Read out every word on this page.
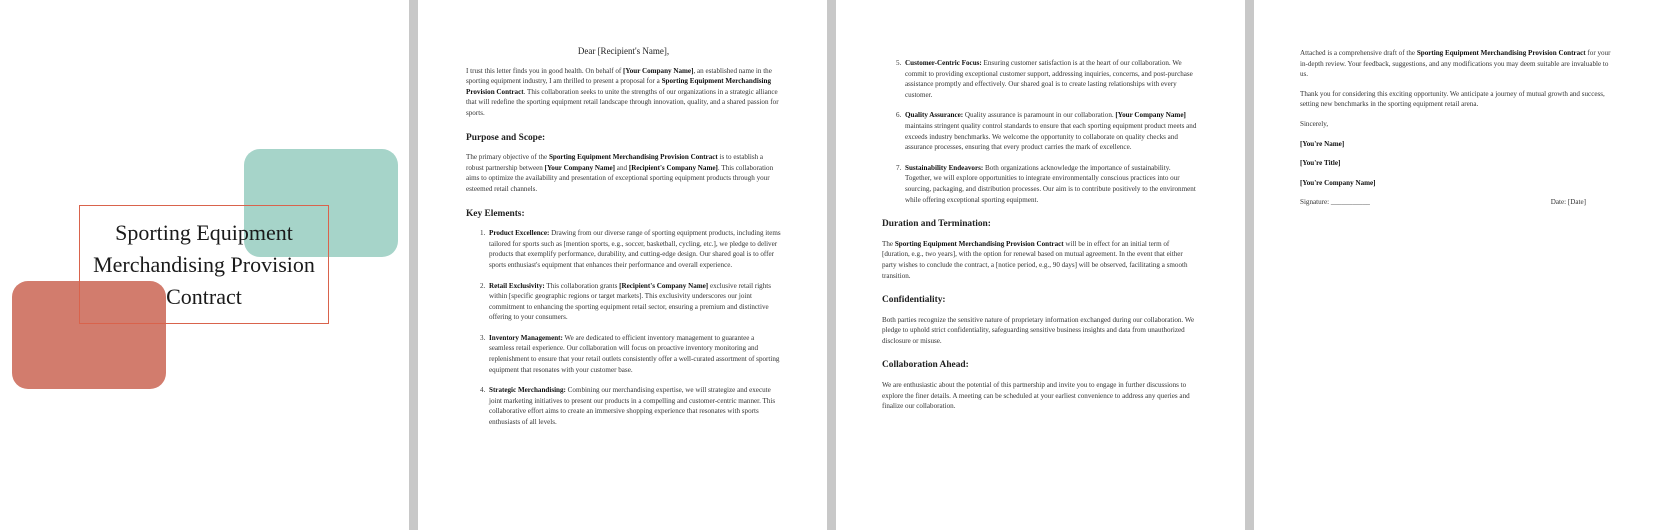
Sporting Equipment Merchandising Provision Contract

Dear [Recipient's Name],

I trust this letter finds you in good health. On behalf of [Your Company Name], an established name in the sporting equipment industry, I am thrilled to present a proposal for a Sporting Equipment Merchandising Provision Contract. This collaboration seeks to unite the strengths of our organizations in a strategic alliance that will redefine the sporting equipment retail landscape through innovation, quality, and a shared passion for sports.

Purpose and Scope:

The primary objective of the Sporting Equipment Merchandising Provision Contract is to establish a robust partnership between [Your Company Name] and [Recipient's Company Name]. This collaboration aims to optimize the availability and presentation of exceptional sporting equipment products through your esteemed retail channels.

Key Elements:
1. Product Excellence: Drawing from our diverse range of sporting equipment products, including items tailored for sports such as [mention sports, e.g., soccer, basketball, cycling, etc.], we pledge to deliver products that exemplify performance, durability, and cutting-edge design. Our shared goal is to offer sports enthusiast's equipment that enhances their performance and overall experience.
2. Retail Exclusivity: This collaboration grants [Recipient's Company Name] exclusive retail rights within [specific geographic regions or target markets]. This exclusivity underscores our joint commitment to enhancing the sporting equipment retail sector, ensuring a premium and distinctive offering to your consumers.
3. Inventory Management: We are dedicated to efficient inventory management to guarantee a seamless retail experience. Our collaboration will focus on proactive inventory monitoring and replenishment to ensure that your retail outlets consistently offer a well-curated assortment of sporting equipment that resonates with your customer base.
4. Strategic Merchandising: Combining our merchandising expertise, we will strategize and execute joint marketing initiatives to present our products in a compelling and customer-centric manner. This collaborative effort aims to create an immersive shopping experience that resonates with sports enthusiasts of all levels.
5. Customer-Centric Focus: Ensuring customer satisfaction is at the heart of our collaboration. We commit to providing exceptional customer support, addressing inquiries, concerns, and post-purchase assistance promptly and effectively. Our shared goal is to create lasting relationships with every customer.
6. Quality Assurance: Quality assurance is paramount in our collaboration. [Your Company Name] maintains stringent quality control standards to ensure that each sporting equipment product meets and exceeds industry benchmarks. We welcome the opportunity to collaborate on quality checks and assurance processes, ensuring that every product carries the mark of excellence.
7. Sustainability Endeavors: Both organizations acknowledge the importance of sustainability. Together, we will explore opportunities to integrate environmentally conscious practices into our sourcing, packaging, and distribution processes. Our aim is to contribute positively to the environment while offering exceptional sporting equipment.
Duration and Termination:

The Sporting Equipment Merchandising Provision Contract will be in effect for an initial term of [duration, e.g., two years], with the option for renewal based on mutual agreement. In the event that either party wishes to conclude the contract, a [notice period, e.g., 90 days] will be observed, facilitating a smooth transition.

Confidentiality:

Both parties recognize the sensitive nature of proprietary information exchanged during our collaboration. We pledge to uphold strict confidentiality, safeguarding sensitive business insights and data from unauthorized disclosure or misuse.

Collaboration Ahead:

We are enthusiastic about the potential of this partnership and invite you to engage in further discussions to explore the finer details. A meeting can be scheduled at your earliest convenience to address any queries and finalize our collaboration.

Attached is a comprehensive draft of the Sporting Equipment Merchandising Provision Contract for your in-depth review. Your feedback, suggestions, and any modifications you may deem suitable are invaluable to us.

Thank you for considering this exciting opportunity. We anticipate a journey of mutual growth and success, setting new benchmarks in the sporting equipment retail arena.

Sincerely,

[You're Name]

[You're Title]

[You're Company Name]

Signature: ___________	Date: [Date]
